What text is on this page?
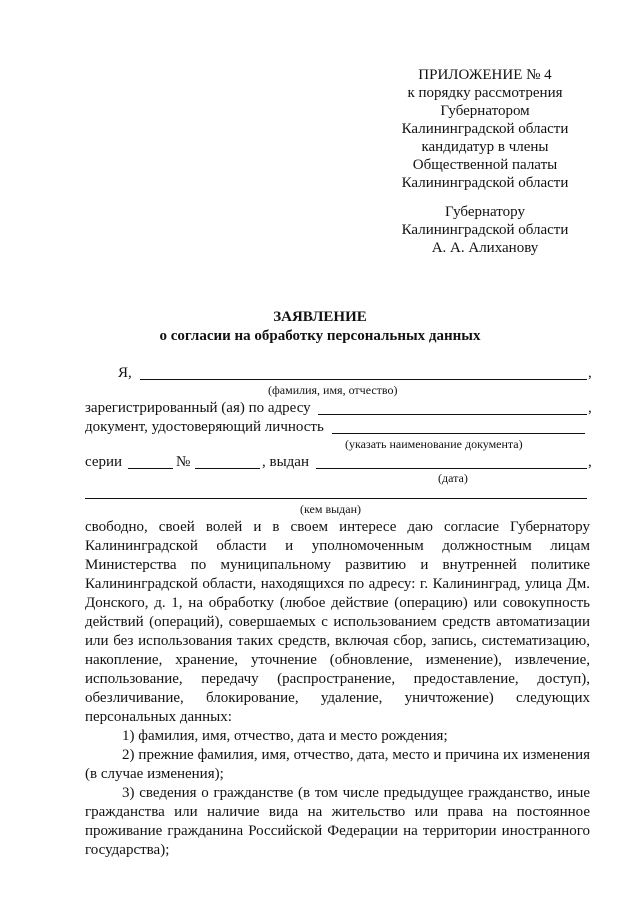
ПРИЛОЖЕНИЕ № 4
к порядку рассмотрения
Губернатором
Калининградской области
кандидатур в члены
Общественной палаты
Калининградской области
Губернатору
Калининградской области
А. А. Алиханову
ЗАЯВЛЕНИЕ
о согласии на обработку персональных данных
Я,	,
(фамилия, имя, отчество)
зарегистрированный (ая) по адресу	,
документ, удостоверяющий личность
(указать наименование документа)
серии	№	, выдан	,
(дата)
(кем выдан)

свободно, своей волей и в своем интересе даю согласие Губернатору Калининградской области и уполномоченным должностным лицам Министерства по муниципальному развитию и внутренней политике Калининградской области, находящихся по адресу: г. Калининград, улица Дм. Донского, д. 1, на обработку (любое действие (операцию) или совокупность действий (операций), совершаемых с использованием средств автоматизации или без использования таких средств, включая сбор, запись, систематизацию, накопление, хранение, уточнение (обновление, изменение), извлечение, использование, передачу (распространение, предоставление, доступ), обезличивание, блокирование, удаление, уничтожение) следующих персональных данных:

1) фамилия, имя, отчество, дата и место рождения;

2) прежние фамилия, имя, отчество, дата, место и причина их изменения (в случае изменения);

3) сведения о гражданстве (в том числе предыдущее гражданство, иные гражданства или наличие вида на жительство или права на постоянное проживание гражданина Российской Федерации на территории иностранного государства);
